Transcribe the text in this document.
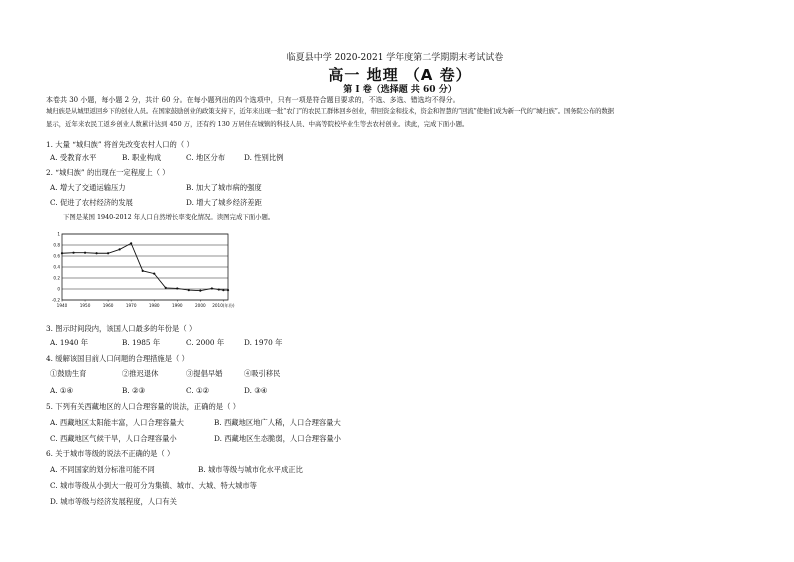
临夏县中学 2020-2021 学年度第二学期期末考试试卷
高一 地理 （A 卷）
第 Ⅰ 卷（选择题 共 60 分）
本卷共 30 小题，每小题 2 分，共计 60 分。在每小题列出的四个选项中，只有一项是符合题目要求的，不选、多选、错选均不得分。
城归族是从城里返回乡下的创业人员。在国家鼓励创业的政策支持下，近年来出现一批“农门”的农民工群体回乡创业，带回资金和技术，资金和智慧的“回流”使他们成为新一代的“城归族”。国务院公布的数据
显示，近年来农民工返乡创业人数累计达到 450 万，还有约 130 万居住在城镇的科技人员、中高等院校毕业生等去农村创业。读此，完成下面小题。
1. 大量 “城归族” 将首先改变农村人口的（ ）
A. 受教育水平	B. 职业构成	C. 地区分布	D. 性别比例
2. “城归族” 的出现在一定程度上（ ）
A. 增大了交通运输压力	B. 加大了城市病的强度
C. 促进了农村经济的发展	D. 增大了城乡经济差距
下图是某国 1940-2012 年人口自然增长率变化情况。读图完成下面小题。
-0.2
0
0.2
0.4
0.6
0.8
1
1940	1950	1960	1970	1980	1990	2000 2010(年份)
3. 图示时间段内，该国人口最多的年份是（ ）
A. 1940 年	B. 1985 年	C. 2000 年	D. 1970 年
4. 缓解该国目前人口问题的合理措施是（ ）
①鼓励生育	②推迟退休	③提倡早婚	④吸引移民
A. ①④	B. ②③	C. ①②	D. ③④
5. 下列有关西藏地区的人口合理容量的说法，正确的是（ ）
A. 西藏地区太阳能丰富，人口合理容量大	B. 西藏地区地广人稀，人口合理容量大
C. 西藏地区气候干旱，人口合理容量小	D. 西藏地区生态脆弱，人口合理容量小
6. 关于城市等级的说法不正确的是（ ）
A. 不同国家的划分标准可能不同	B. 城市等级与城市化水平成正比
C. 城市等级从小到大一般可分为集镇、城市、大城、特大城市等
D. 城市等级与经济发展程度，人口有关
